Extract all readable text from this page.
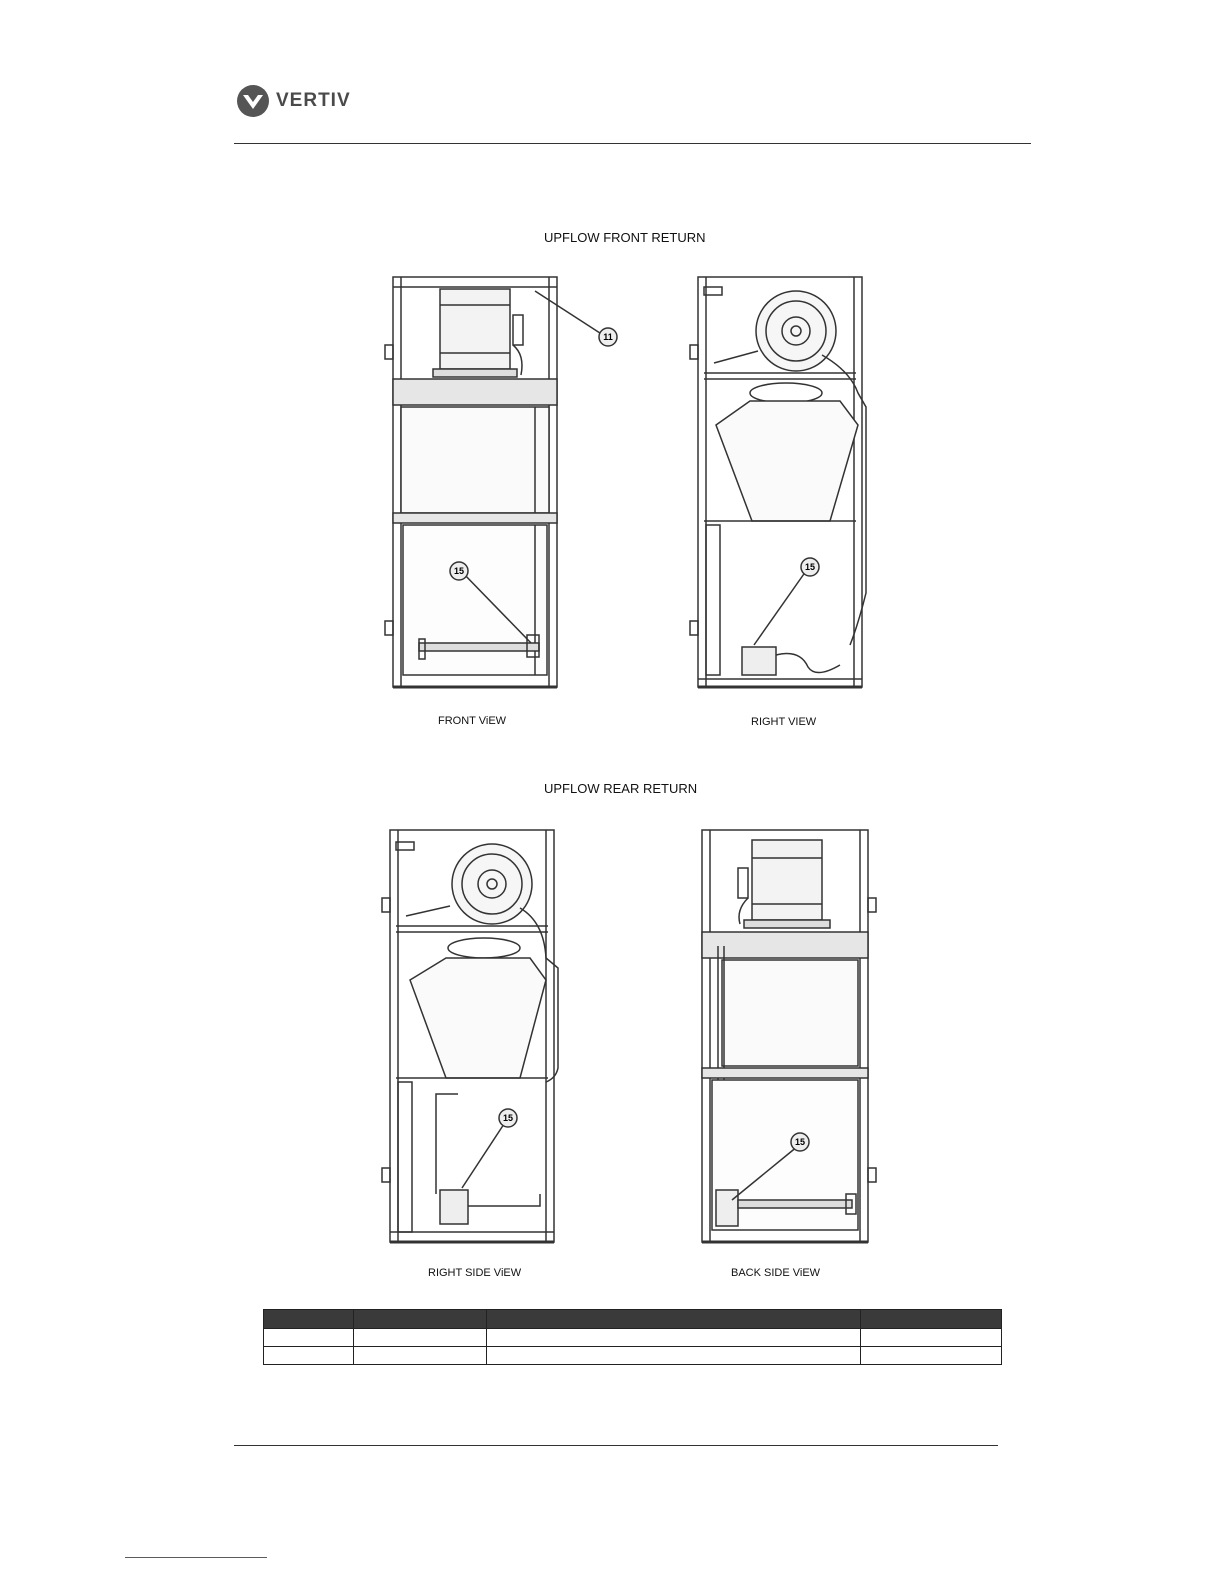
VERTIV
UPFLOW FRONT RETURN
11
15
FRONT ViEW
15
RIGHT VIEW
UPFLOW REAR RETURN
15
RIGHT SIDE ViEW
15
BACK SIDE ViEW
